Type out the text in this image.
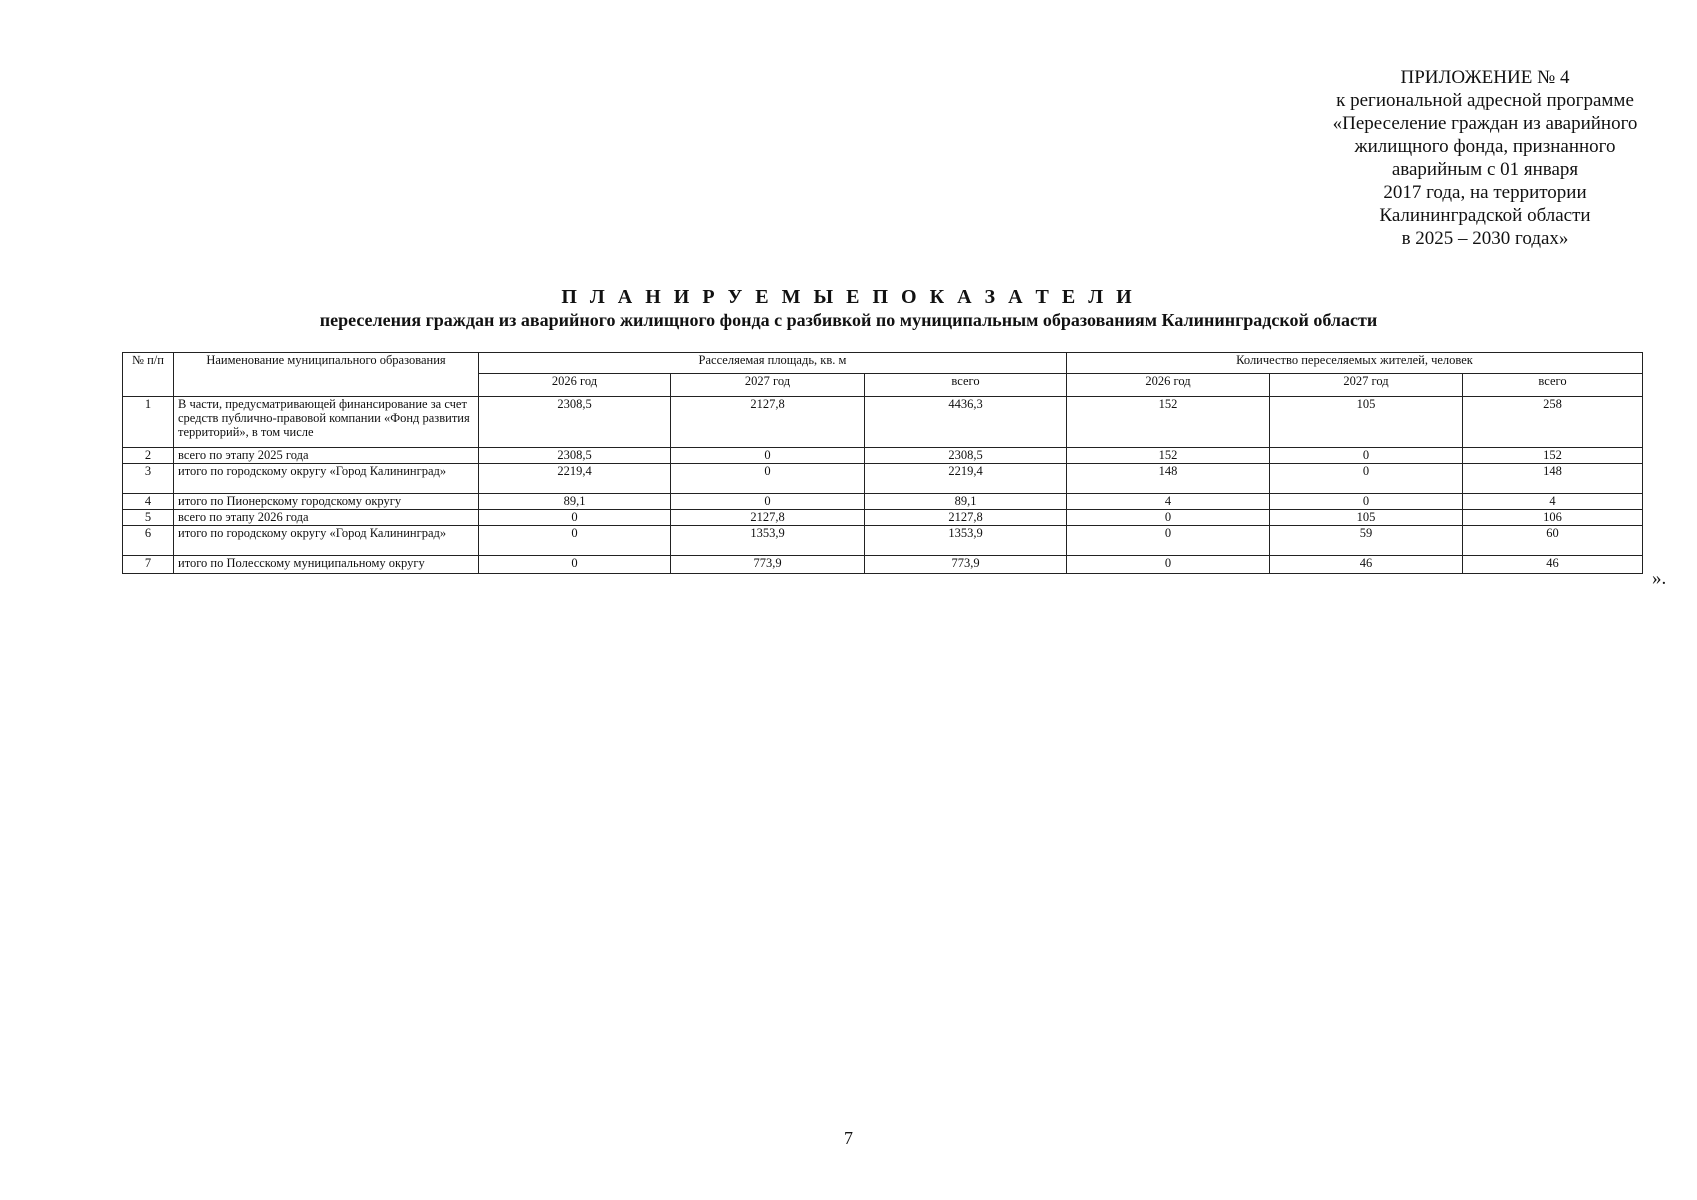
ПРИЛОЖЕНИЕ № 4
к региональной адресной программе
«Переселение граждан из аварийного
жилищного фонда, признанного
аварийным с 01 января
2017 года, на территории
Калининградской области
в 2025 – 2030 годах»
П Л А Н И Р У Е М Ы Е П О К А З А Т Е Л И
переселения граждан из аварийного жилищного фонда с разбивкой по муниципальным образованиям Калининградской области
№ п/п	Наименование муниципального образования	Расселяемая площадь, кв. м			Количество переселяемых жителей, человек		
		2026 год	2027 год	всего	2026 год	2027 год	всего
1	В части, предусматривающей финансирование за счет средств публично-правовой компании «Фонд развития территорий», в том числе	2308,5	2127,8	4436,3	152	105	258
2	всего по этапу 2025 года	2308,5	0	2308,5	152	0	152
3	итого по городскому округу «Город Калининград»	2219,4	0	2219,4	148	0	148
4	итого по Пионерскому городскому округу	89,1	0	89,1	4	0	4
5	всего по этапу 2026 года	0	2127,8	2127,8	0	105	106
6	итого по городскому округу «Город Калининград»	0	1353,9	1353,9	0	59	60
7	итого по Полесскому муниципальному округу	0	773,9	773,9	0	46	46
».
7
